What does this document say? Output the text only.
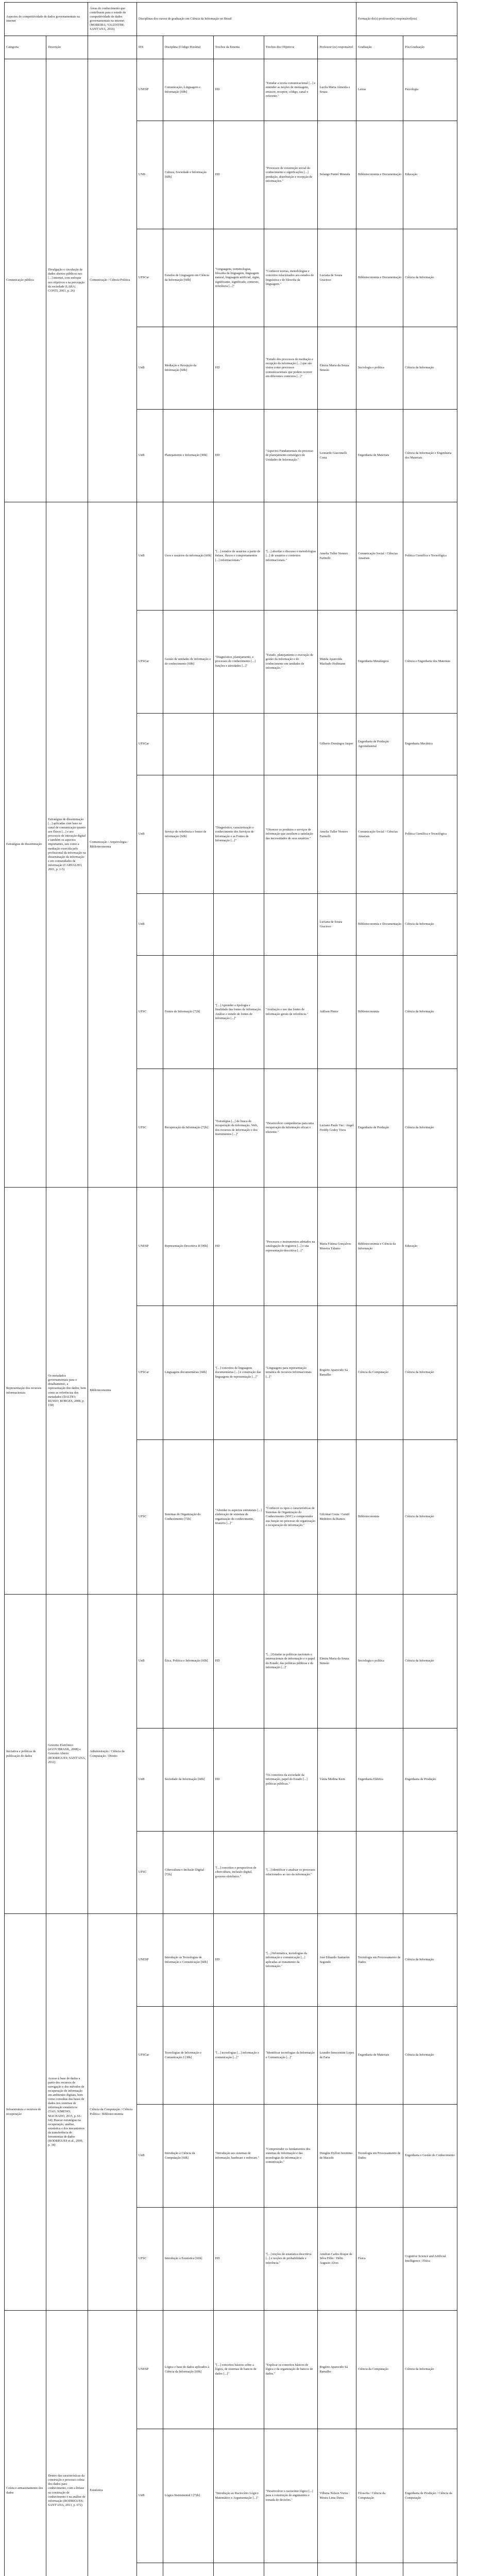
Aspectos de competitividade de dados governamentais na internet		Áreas do conhecimento que contribuem para o estudo de competitividade de dados governamentais na internet (MOREIRA; VALENTIM; SANT'ANA, 2016)	Disciplinas dos cursos de graduação em Ciência da Informação no Brasil					Formação do(s) professor(es) responsável(eis)	
Categoria	Descrição		IES	Disciplina (Código Horária)	Trechos da Ementa	Trechos dos Objetivos	Professor (es) responsável	Graduação	Pós-Graduação
Comunicação pública	Divulgação e circulação de dados abertos públicos nos [...] internet, com enfoque nos objetivos e na percepção da sociedade (LARA; CONTI, 2003, p. 26)	Comunicação / Ciência Política	UNESP	Comunicação, Linguagem e Informação [60h]	HD	"Estudar a teoria comunicacional [...] e entender as noções de mensagem, emissor, receptor, código, canal e referente."	Lucila Maria Almeida e Souza	Letras	Psicologia
			UNB	Cultura, Sociedade e Informação [60h]	HD	"Processos de construção social do conhecimento e significações [...] produção, distribuição e recepção de informações."	Solange Puntel Mostafa	Biblioteconomia e Documentação	Educação
			UFSCar	Estudos de Linguagem em Ciência da Informação [60h]	"Linguagens, terminologias, filosofia da linguagem, linguagem natural, linguagem artificial, signo, significante, significado, contexto, referência [...]"	"Conhecer teorias, metodologias e conceitos relacionados aos estudos de linguística e de filosofia da linguagem."	Luciana de Souza Gracioso	Biblioteconomia e Documentação	Ciência da Informação
			UnB	Mediação e Recepção da Informação [60h]	HD	"Estudo dos processos de mediação e recepção da informação [...] que são vistos como processos comunicacionais que podem ocorrer em diferentes contextos [...]"	Elmira Maria da Souza Simeão	Sociologia e política	Ciência da Informação
			UnB	Planejamento e Informação [90h]	HD	"Aspectos Fundamentais do processo de planejamento estratégico de Unidades de Informação."	Leonardo Giacomelli Costa	Engenharia de Materiais	Ciência da Informação e Engenharia dos Materiais
Estratégias de disseminação	Estratégias de disseminação [...] aplicadas com base no canal de comunicação quanto aos fluxos [...] e aos processos de interação digital e também os aspectos importantes, tais como a mediação exercida pelo profissional da informação na disseminação da informação e em comunidades de informação (CARVALHO, 2001, p. 1-5)	Comunicação / Arquivologia / Biblioteconomia	UnB	Usos e usuários da informação [60h]	"[...] estudos de usuários a partir de ênfase, fluxos e comportamentos [...] informacionais."	"[...] abordar o discurso e metodologias [...] de usuários e contextos informacionais."	Amelia Tuller Nonoro Farinelli	Comunicação Social / Ciências Atuariais	Política Científica e Tecnológica
			UFSCar	Gestão de unidades de informação e do conhecimento [60h]	"Diagnóstico, planejamento, e processos do conhecimento [...] funções e atividades [...]"	"Estudo, planejamento e execução de gestão da informação e do conhecimento em unidades de informação."	Wanda Aparecida Machado Hoffmann	Engenharia Metalúrgica	Ciência e Engenharia dos Materiais
			UFSCar				Gilberto Domingos Jasper	Engenharia de Produção Agroindustrial	Engenharia Mecânica
			UnB	Serviço de referência e fontes de informação [60h]	"Diagnóstico, caracterização e conhecimento dos Serviços de Informação e as Fontes de Informação [...]"	"Oferecer os produtos e serviços de informação que auxiliem a satisfação das necessidades de seus usuários."	Amelia Tuller Nonoro Farinelli	Comunicação Social / Ciências Atuariais	Política Científica e Tecnológica
			UnB				Luciana de Souza Gracioso	Biblioteconomia e Documentação	Ciência da Informação
			UFSC	Fontes de Informação [72h]	"[...] Aprender a tipologia e finalidade das fontes de informação. Análise e estudo de fontes de informação [...]"	"Avaliação e uso das fontes de informação gerais de referência."	Adilson Pintor	Biblioteconomia	Ciência da Informação
			UFSC	Recuperação da Informação [72h]	"Estratégias [...] de busca de recuperação da informação. Web, dos recursos de informação e dos instrumentos [...]"	"Desenvolver competências para uma recuperação da informação eficaz e eficiente."	Luciano Paulo Vaz / Angel Freddy Godoy Viera	Engenharia de Produção	Ciência da Informação
Representação dos recursos informacionais	Os metadados governamentais para o detalhamento, a representação dos dados, bem como as referências dos metadados (DALTIO; RUSSO; BORGES, 2008, p. 158)	Biblioteconomia	UNESP	Representação Descritiva II [90h]	HD	"Processos e instrumentos adotados na catalogação de registros [...] e sua representação descritiva [...]"	Maria Fátima Gonçalves Moreira Tálamo	Biblioteconomia e Ciência da Informação	Educação
			UFSCar	Linguagens documentárias [60h]	"[...] conceitos de linguagens documentárias [...] e construção das linguagens de representação [...]"	"Linguagens para representação temática de recursos informacionais [...]"	Rogério Aparecido Sá Ramalho	Ciência da Computação	Ciência da Informação
			UFSC	Sistemas de Organização do Conhecimento [72h]	"Abordar os aspectos estruturais [...] elaboração de sistemas de organização do conhecimento, tesauros [...]"	"Conhecer os tipos e características de Sistemas de Organização do Conhecimento (SOC) e compreender sua função no processo de organização e recuperação de informação."	Gilcimar Costa / Gentil Medeiros da Ramos	Biblioteconomia	Ciência da Informação
Iniciativa e políticas de publicação de dados	Governo Eletrônico (eGOV/BRASIL, 2008) e Governo Aberto (RODRIGUES; SANT'ANA, 2012)	Administração / Ciência da Computação / Direito	UnB	Ética, Política e Informação [60h]	HD	"[...] Estudar as políticas nacionais e internacionais de informação e o papel do Estado, das políticas públicas e da informação [...]"	Elmira Maria da Souza Simeão	Sociologia e política	Ciência da Informação
			UnB	Sociedade da Informação [60h]	HD	"Os conceitos da sociedade da informação, papel do Estado [...] políticas públicas."	Vânia Medina Kern	Engenharia Elétrica	Engenharia de Produção
			UFSC	Cibercultura e Inclusão Digital [72h]	"[...] conceitos e perspectivas de cibercultura, inclusão digital, governo eletrônico."	"[...] identificar e analisar os processos relacionados ao uso da informação."			
Infraestrutura e recursos de recuperação	Acesso à base de dados a partir dos recursos de navegação e dos métodos de recuperação de informação em ambientes digitais, bem como consultas das bases de dados nos sistemas de informação estatísticos (TAO; XIMENO; MACHADO, 2015, p. 61-64); Buscar estratégias na recuperação, análise, estatística e dos mecanismos da transferência de ferramentas de dados (RODRIGUES et al., 2009, p. 34)	Ciência da Computação / Ciência Política / Biblioteconomia	UNESP	Introdução às Tecnologias de Informação e Comunicação [60h]	HD	"[...] Informática, tecnologias da informação e comunicação [...] aplicadas ao tratamento da informação."	José Eduardo Santarém Segundo	Tecnologia em Processamento de Dados	Ciência da Informação
			UFSCar	Tecnologias de Informação e Comunicação I [30h]	"[...] tecnologias [...] informação e comunicação [...]"	"Identificar tecnologias da Informação e Comunicação [...]"	Leandro Innocentini Lopes de Faria	Engenharia de Materiais	Ciência da Informação
			UnB	Introdução à Ciência da Computação [60h]	"Introdução aos sistemas de informação, hardware e software."	"Compreender os fundamentos dos sistemas de informação e das tecnologias de informação e comunicação."	Douglas Dyllon Jeronimo de Macedo	Tecnologia em Processamento de Dados	Engenharia e Gestão do Conhecimento
			UFSC	Introdução à Estatística [60h]	HD	"[...] noções de estatística descritiva [...] e noções de probabilidade e inferência."	Amilton Carlos Roque de Silva Filho / Hélio Augusto Alves	Física	Cognitive Science and Artificial Intelligence / Física
Coleta e armazenamento dos dados	Dentro das características da construção e processo coleta dos dados para conhecimento, com a ênfase na construção de conhecimento e na análise de informação (RODRIGUES; SANT'ANA, 2013, p. 672)	Estatística	UNESP	Lógica e base de dados aplicados à Ciência da Informação [60h]	"[...] conceitos básicos sobre a lógica, de sistemas de bancos de dados [...]"	"Explicar os conceitos básicos de lógica e da organização de bancos de dados."	Rogério Aparecido Sá Ramalho	Ciência da Computação	Ciência da Informação
			UnB	Lógica Instrumental I [72h]	"Introdução ao Raciocínio Lógico Matemático e Argumentação [...]"	"Desenvolver o raciocínio lógico [...] para a construção de argumentos e tomada de decisões."	Vilhena Nelson Vieira / Moura Lima Dutra	Filosofia / Ciência da Computação	Engenharia de Produção / Ciência da Computação
